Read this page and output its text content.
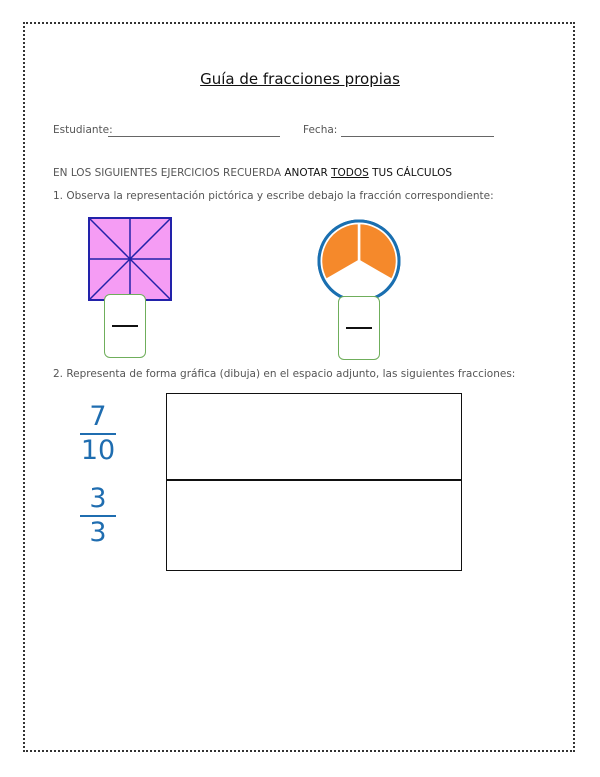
Guía de fracciones propias
Estudiante:	Fecha:
EN LOS SIGUIENTES EJERCICIOS RECUERDA ANOTAR TODOS TUS CÁLCULOS
1. Observa la representación pictórica y escribe debajo la fracción correspondiente:
2. Representa de forma gráfica (dibuja) en el espacio adjunto, las siguientes fracciones:
7
10
3
3
